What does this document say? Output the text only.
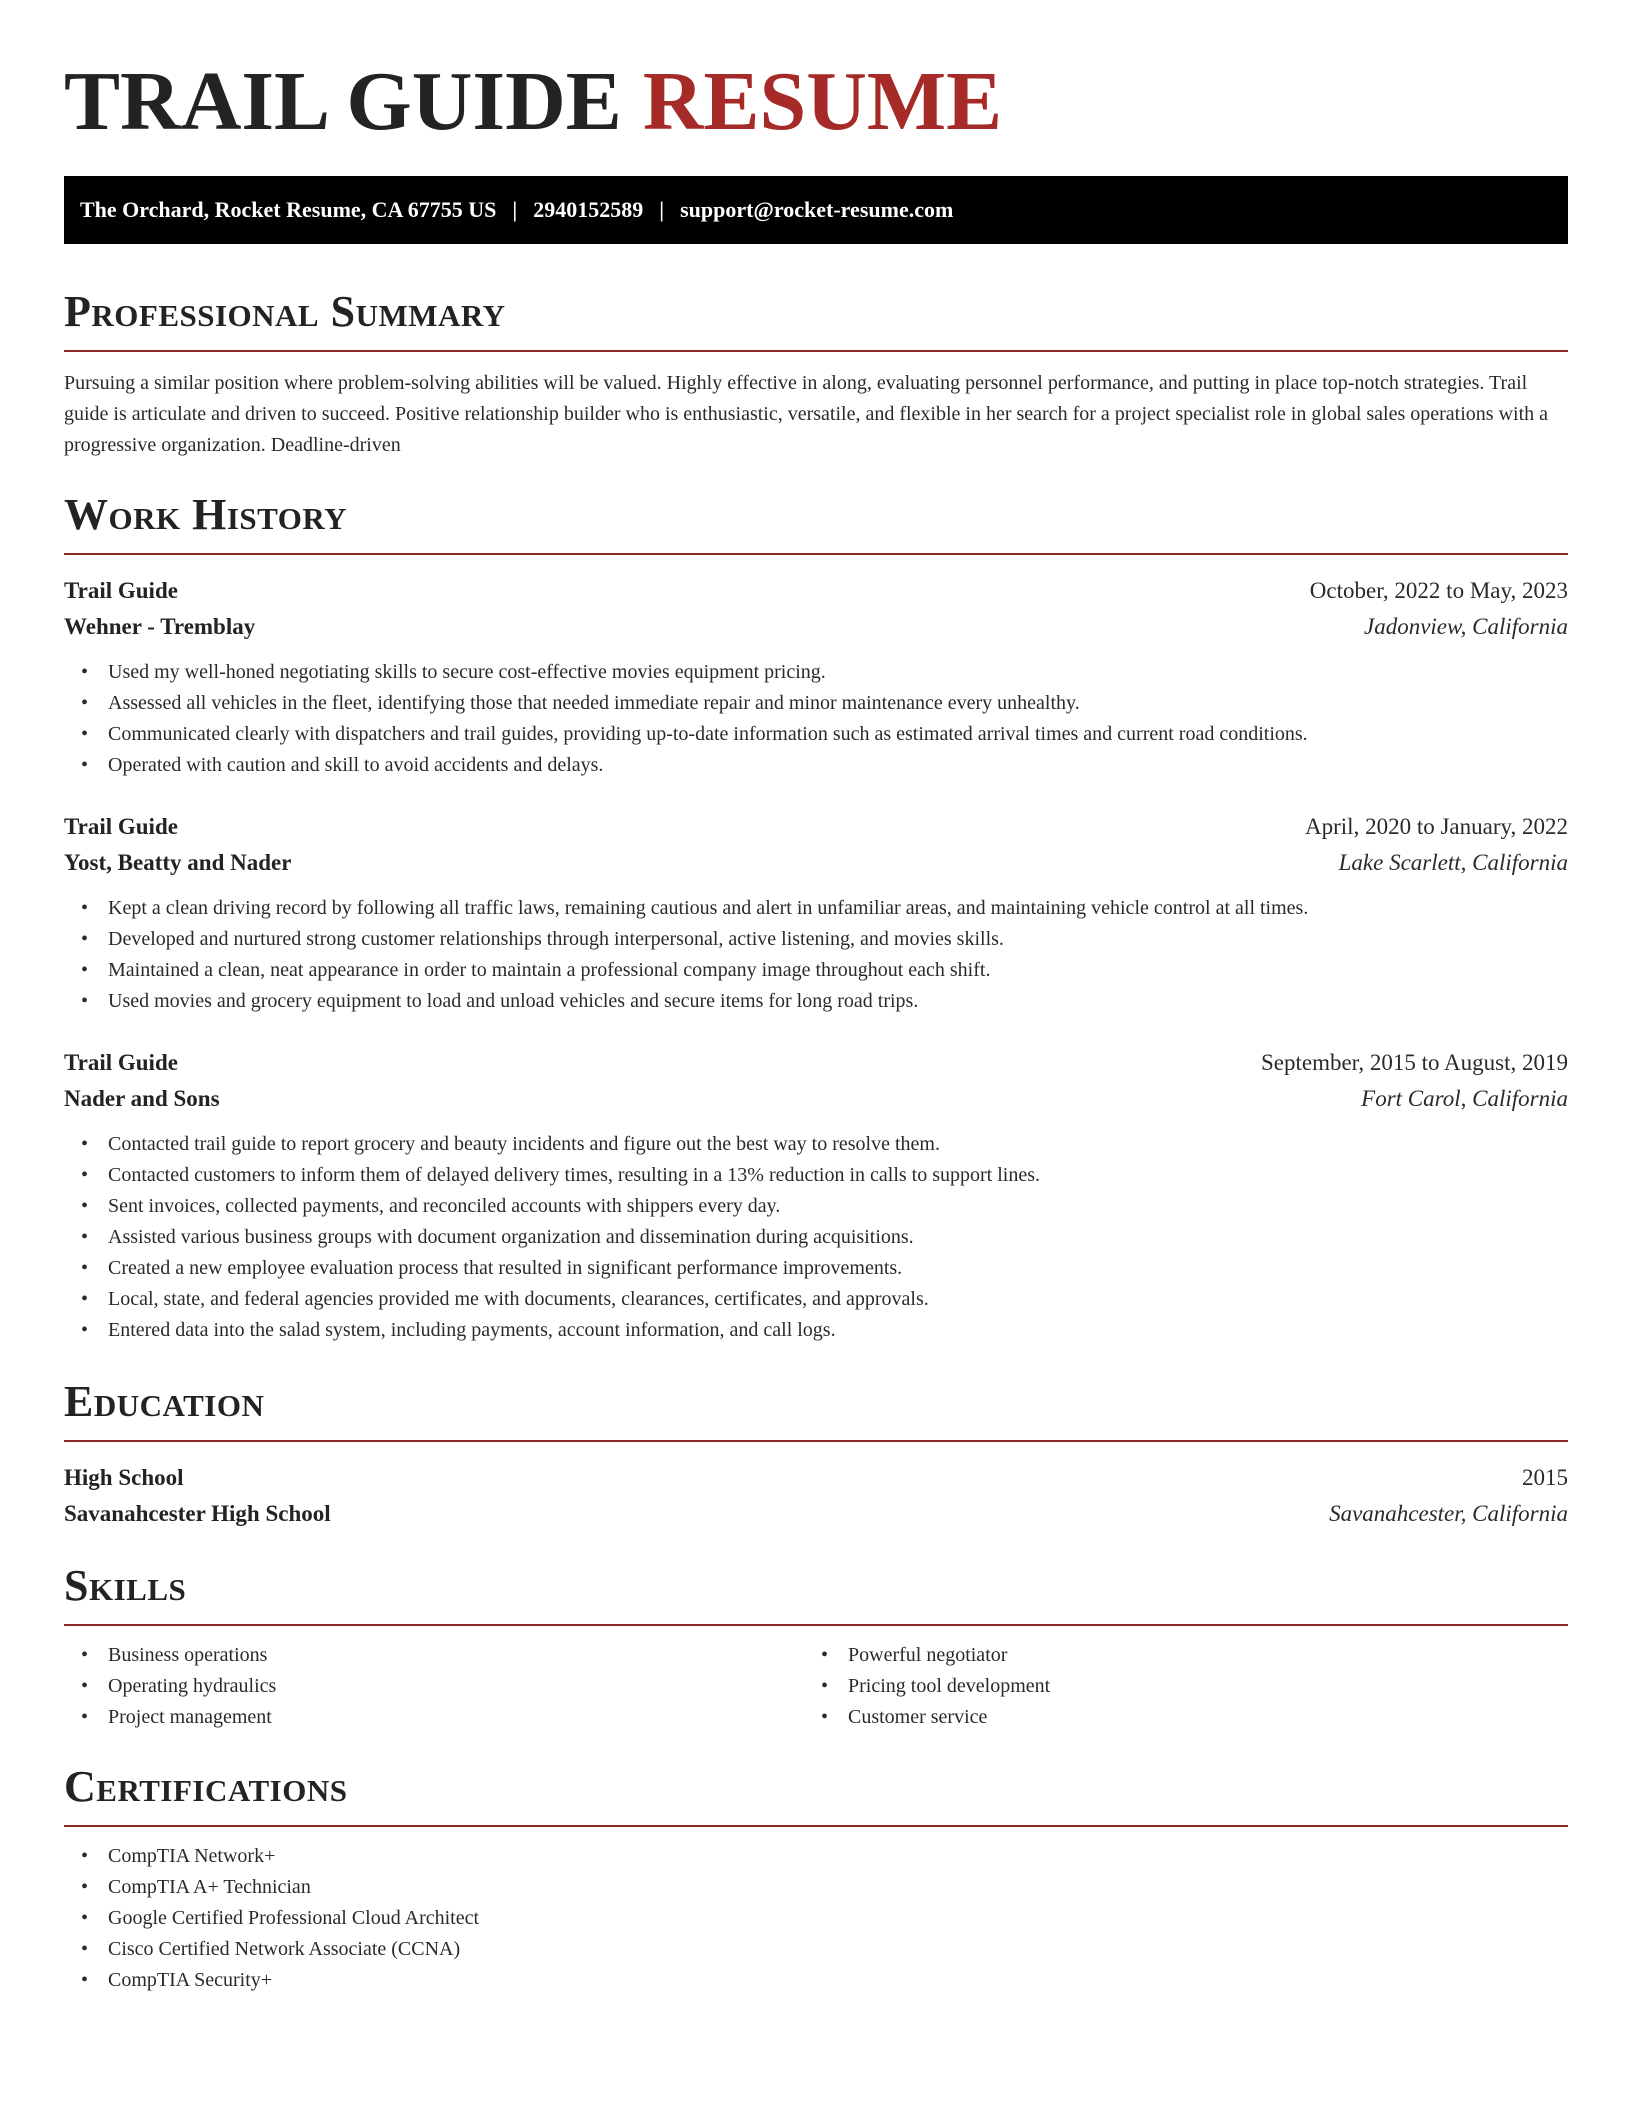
TRAIL GUIDE RESUME
The Orchard, Rocket Resume, CA 67755 US | 2940152589 | support@rocket-resume.com
Professional Summary

Pursuing a similar position where problem-solving abilities will be valued. Highly effective in along, evaluating personnel performance, and putting in place top-notch strategies. Trail guide is articulate and driven to succeed. Positive relationship builder who is enthusiastic, versatile, and flexible in her search for a project specialist role in global sales operations with a progressive organization. Deadline-driven

Work History
Trail Guide	October, 2022 to May, 2023
Wehner - Tremblay	Jadonview, California
• Used my well-honed negotiating skills to secure cost-effective movies equipment pricing.
• Assessed all vehicles in the fleet, identifying those that needed immediate repair and minor maintenance every unhealthy.
• Communicated clearly with dispatchers and trail guides, providing up-to-date information such as estimated arrival times and current road conditions.
• Operated with caution and skill to avoid accidents and delays.
Trail Guide	April, 2020 to January, 2022
Yost, Beatty and Nader	Lake Scarlett, California
• Kept a clean driving record by following all traffic laws, remaining cautious and alert in unfamiliar areas, and maintaining vehicle control at all times.
• Developed and nurtured strong customer relationships through interpersonal, active listening, and movies skills.
• Maintained a clean, neat appearance in order to maintain a professional company image throughout each shift.
• Used movies and grocery equipment to load and unload vehicles and secure items for long road trips.
Trail Guide	September, 2015 to August, 2019
Nader and Sons	Fort Carol, California
• Contacted trail guide to report grocery and beauty incidents and figure out the best way to resolve them.
• Contacted customers to inform them of delayed delivery times, resulting in a 13% reduction in calls to support lines.
• Sent invoices, collected payments, and reconciled accounts with shippers every day.
• Assisted various business groups with document organization and dissemination during acquisitions.
• Created a new employee evaluation process that resulted in significant performance improvements.
• Local, state, and federal agencies provided me with documents, clearances, certificates, and approvals.
• Entered data into the salad system, including payments, account information, and call logs.
Education
High School	2015
Savanahcester High School	Savanahcester, California
Skills
• Business operations
• Operating hydraulics
• Project management
• Powerful negotiator
• Pricing tool development
• Customer service
Certifications
• CompTIA Network+
• CompTIA A+ Technician
• Google Certified Professional Cloud Architect
• Cisco Certified Network Associate (CCNA)
• CompTIA Security+
